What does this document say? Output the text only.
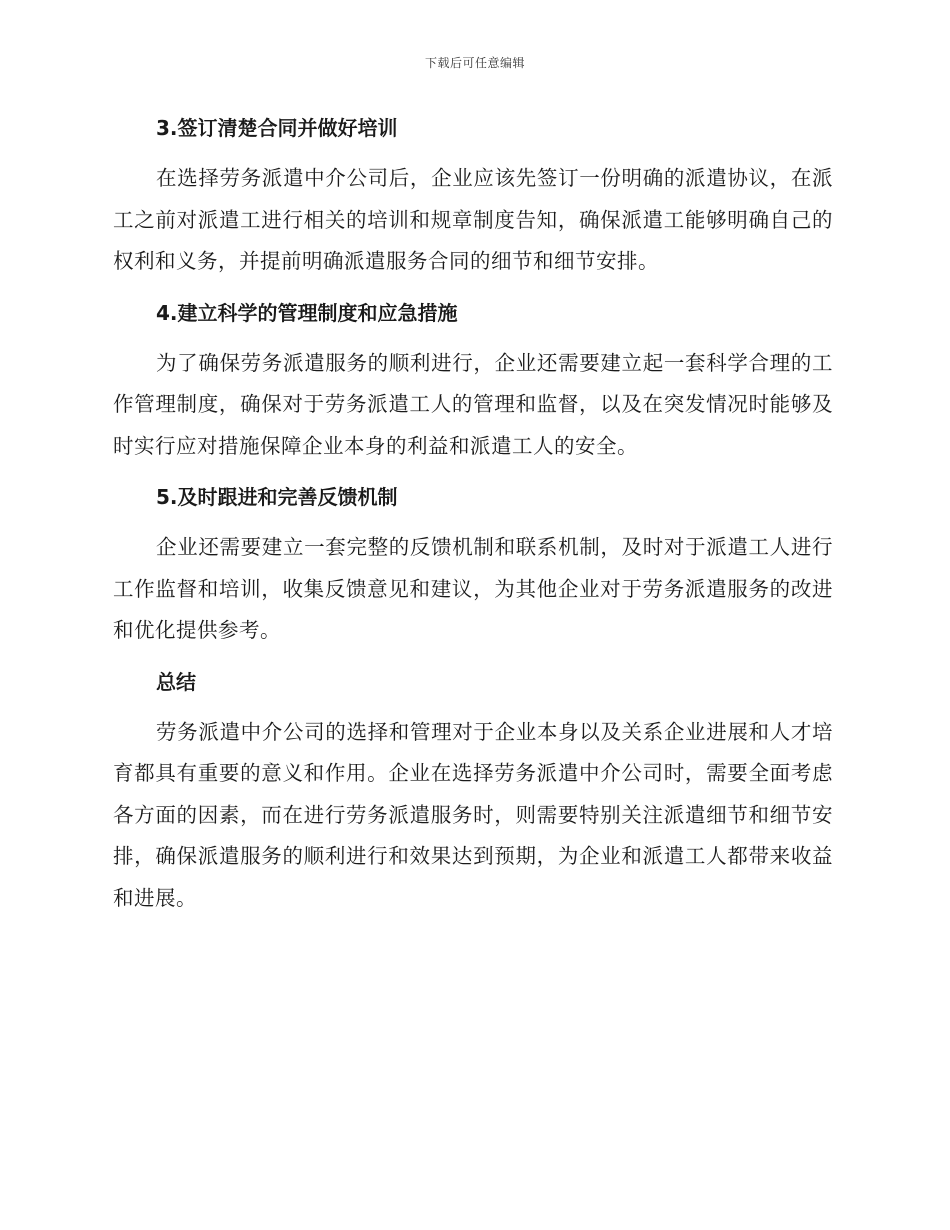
下载后可任意编辑
3.签订清楚合同并做好培训

在选择劳务派遣中介公司后，企业应该先签订一份明确的派遣协议，在派工之前对派遣工进行相关的培训和规章制度告知，确保派遣工能够明确自己的权利和义务，并提前明确派遣服务合同的细节和细节安排。

4.建立科学的管理制度和应急措施

为了确保劳务派遣服务的顺利进行，企业还需要建立起一套科学合理的工作管理制度，确保对于劳务派遣工人的管理和监督，以及在突发情况时能够及时实行应对措施保障企业本身的利益和派遣工人的安全。

5.及时跟进和完善反馈机制

企业还需要建立一套完整的反馈机制和联系机制，及时对于派遣工人进行工作监督和培训，收集反馈意见和建议，为其他企业对于劳务派遣服务的改进和优化提供参考。

总结

劳务派遣中介公司的选择和管理对于企业本身以及关系企业进展和人才培育都具有重要的意义和作用。企业在选择劳务派遣中介公司时，需要全面考虑各方面的因素，而在进行劳务派遣服务时，则需要特别关注派遣细节和细节安排，确保派遣服务的顺利进行和效果达到预期，为企业和派遣工人都带来收益和进展。
